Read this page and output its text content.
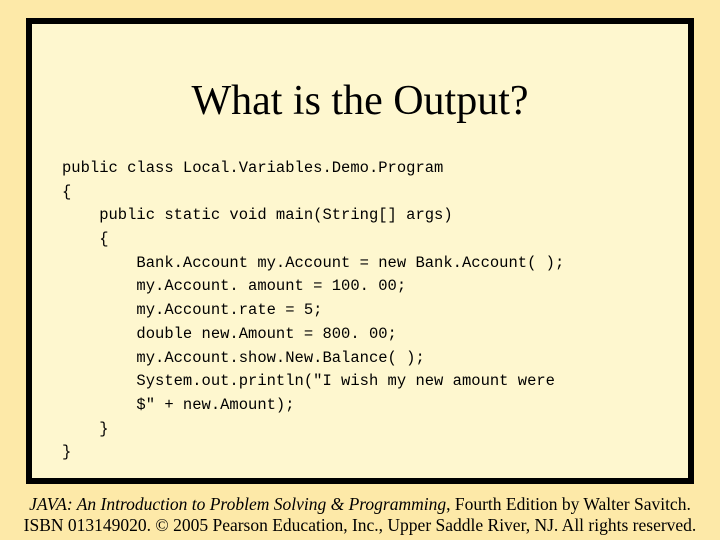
What is the Output?
public class Local.Variables.Demo.Program
{
public static void main(String[] args)
{
Bank.Account my.Account = new Bank.Account( );
my.Account. amount = 100. 00;
my.Account.rate = 5;
double new.Amount = 800. 00;
my.Account.show.New.Balance( );
System.out.println("I wish my new amount were
$" + new.Amount);
}
}
JAVA: An Introduction to Problem Solving & Programming, Fourth Edition by Walter Savitch.
ISBN 013149020. © 2005 Pearson Education, Inc., Upper Saddle River, NJ. All rights reserved.
